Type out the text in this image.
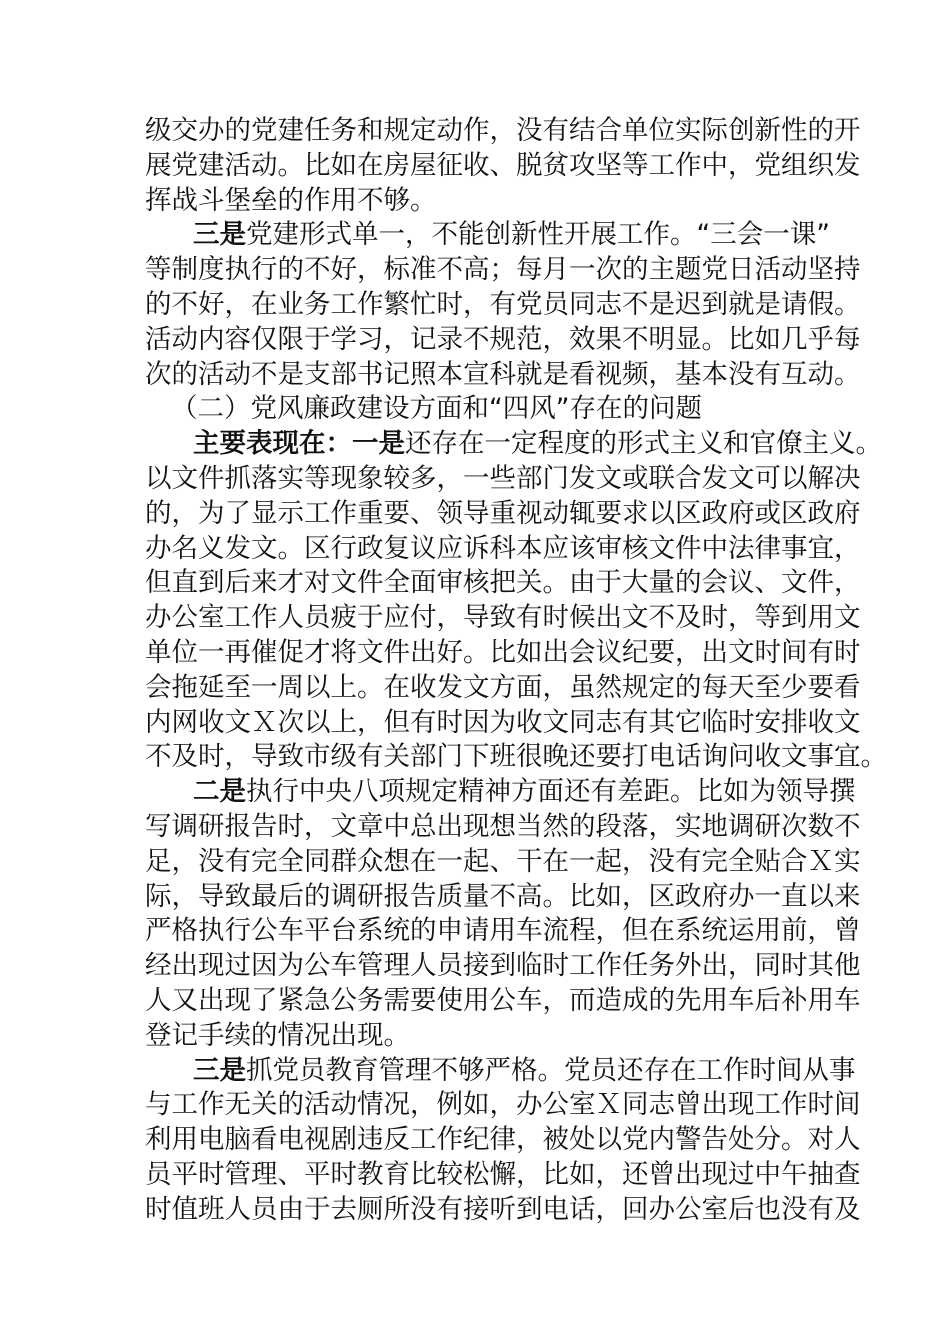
级交办的党建任务和规定动作，没有结合单位实际创新性的开
展党建活动。比如在房屋征收、脱贫攻坚等工作中，党组织发
挥战斗堡垒的作用不够。
三是党建形式单一，不能创新性开展工作。“三会一课”
等制度执行的不好，标准不高；每月一次的主题党日活动坚持
的不好，在业务工作繁忙时，有党员同志不是迟到就是请假。
活动内容仅限于学习，记录不规范，效果不明显。比如几乎每
次的活动不是支部书记照本宣科就是看视频，基本没有互动。
（二）党风廉政建设方面和“四风”存在的问题
主要表现在：一是还存在一定程度的形式主义和官僚主义。
以文件抓落实等现象较多，一些部门发文或联合发文可以解决
的，为了显示工作重要、领导重视动辄要求以区政府或区政府
办名义发文。区行政复议应诉科本应该审核文件中法律事宜，
但直到后来才对文件全面审核把关。由于大量的会议、文件，
办公室工作人员疲于应付，导致有时候出文不及时，等到用文
单位一再催促才将文件出好。比如出会议纪要，出文时间有时
会拖延至一周以上。在收发文方面，虽然规定的每天至少要看
内网收文Ｘ次以上，但有时因为收文同志有其它临时安排收文
不及时，导致市级有关部门下班很晚还要打电话询问收文事宜。
二是执行中央八项规定精神方面还有差距。比如为领导撰
写调研报告时，文章中总出现想当然的段落，实地调研次数不
足，没有完全同群众想在一起、干在一起，没有完全贴合Ｘ实
际，导致最后的调研报告质量不高。比如，区政府办一直以来
严格执行公车平台系统的申请用车流程，但在系统运用前，曾
经出现过因为公车管理人员接到临时工作任务外出，同时其他
人又出现了紧急公务需要使用公车，而造成的先用车后补用车
登记手续的情况出现。
三是抓党员教育管理不够严格。党员还存在工作时间从事
与工作无关的活动情况，例如，办公室Ｘ同志曾出现工作时间
利用电脑看电视剧违反工作纪律，被处以党内警告处分。对人
员平时管理、平时教育比较松懈，比如，还曾出现过中午抽查
时值班人员由于去厕所没有接听到电话，回办公室后也没有及
